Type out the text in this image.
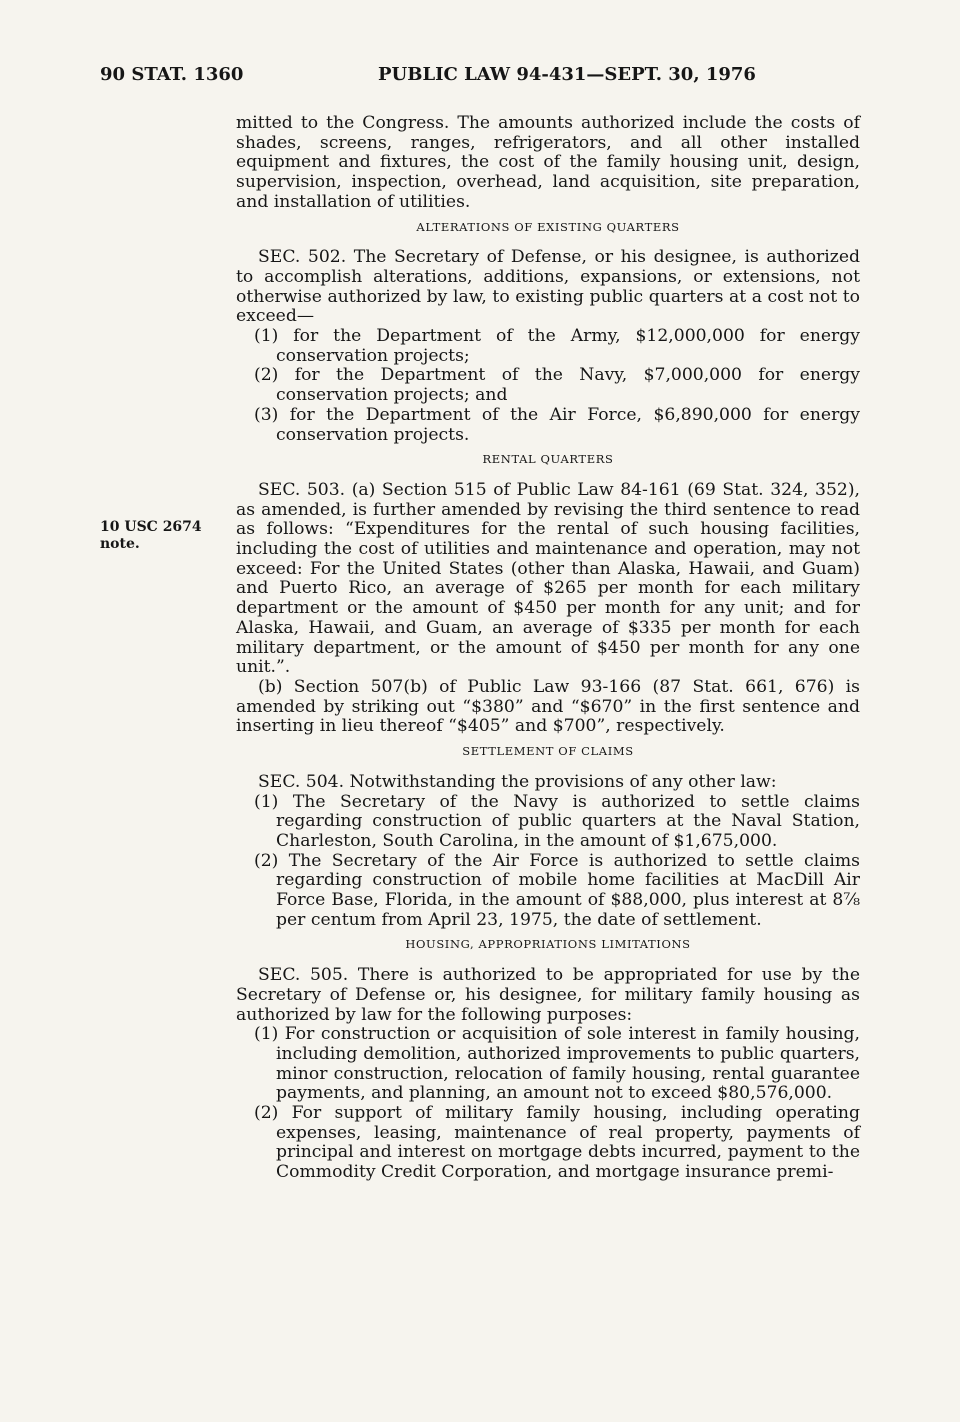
90 STAT. 1360	PUBLIC LAW 94-431—SEPT. 30, 1976
10 USC 2674 note.

mitted to the Congress. The amounts authorized include the costs of shades, screens, ranges, refrigerators, and all other installed equipment and fixtures, the cost of the family housing unit, design, supervision, inspection, overhead, land acquisition, site preparation, and installation of utilities.

ALTERATIONS OF EXISTING QUARTERS

SEC. 502. The Secretary of Defense, or his designee, is authorized to accomplish alterations, additions, expansions, or extensions, not otherwise authorized by law, to existing public quarters at a cost not to exceed—

(1) for the Department of the Army, $12,000,000 for energy conservation projects;

(2) for the Department of the Navy, $7,000,000 for energy conservation projects; and

(3) for the Department of the Air Force, $6,890,000 for energy conservation projects.

RENTAL QUARTERS

SEC. 503. (a) Section 515 of Public Law 84-161 (69 Stat. 324, 352), as amended, is further amended by revising the third sentence to read as follows: “Expenditures for the rental of such housing facilities, including the cost of utilities and maintenance and operation, may not exceed: For the United States (other than Alaska, Hawaii, and Guam) and Puerto Rico, an average of $265 per month for each military department or the amount of $450 per month for any unit; and for Alaska, Hawaii, and Guam, an average of $335 per month for each military department, or the amount of $450 per month for any one unit.”.

(b) Section 507(b) of Public Law 93-166 (87 Stat. 661, 676) is amended by striking out “$380” and “$670” in the first sentence and inserting in lieu thereof “$405” and $700”, respectively.

SETTLEMENT OF CLAIMS

SEC. 504. Notwithstanding the provisions of any other law:

(1) The Secretary of the Navy is authorized to settle claims regarding construction of public quarters at the Naval Station, Charleston, South Carolina, in the amount of $1,675,000.

(2) The Secretary of the Air Force is authorized to settle claims regarding construction of mobile home facilities at MacDill Air Force Base, Florida, in the amount of $88,000, plus interest at 8⅞ per centum from April 23, 1975, the date of settlement.

HOUSING, APPROPRIATIONS LIMITATIONS

SEC. 505. There is authorized to be appropriated for use by the Secretary of Defense or, his designee, for military family housing as authorized by law for the following purposes:

(1) For construction or acquisition of sole interest in family housing, including demolition, authorized improvements to public quarters, minor construction, relocation of family housing, rental guarantee payments, and planning, an amount not to exceed $80,576,000.

(2) For support of military family housing, including operating expenses, leasing, maintenance of real property, payments of principal and interest on mortgage debts incurred, payment to the Commodity Credit Corporation, and mortgage insurance premi-
